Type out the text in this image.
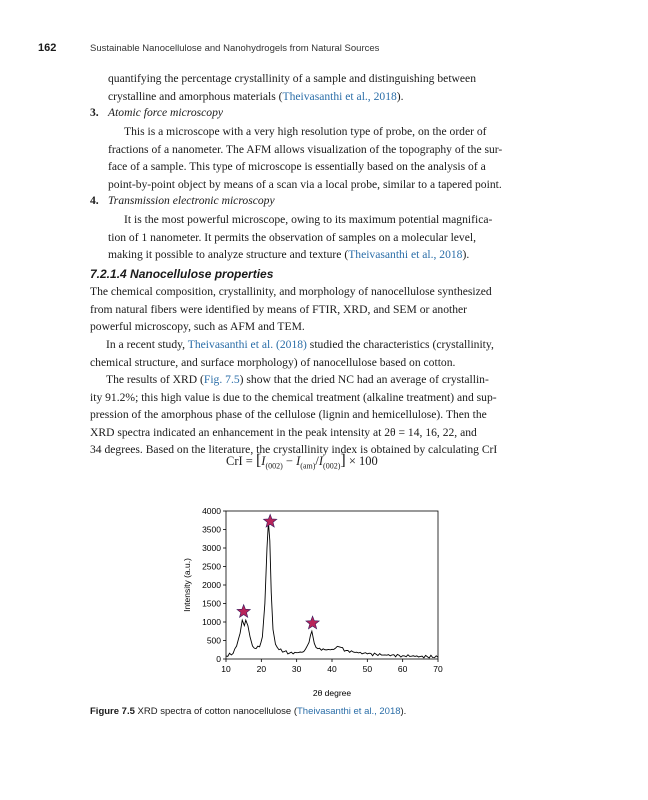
162	Sustainable Nanocellulose and Nanohydrogels from Natural Sources
quantifying the percentage crystallinity of a sample and distinguishing between
crystalline and amorphous materials (Theivasanthi et al., 2018).
3. Atomic force microscopy
This is a microscope with a very high resolution type of probe, on the order of
fractions of a nanometer. The AFM allows visualization of the topography of the sur-
face of a sample. This type of microscope is essentially based on the analysis of a
point-by-point object by means of a scan via a local probe, similar to a tapered point.
4. Transmission electronic microscopy
It is the most powerful microscope, owing to its maximum potential magnifica-
tion of 1 nanometer. It permits the observation of samples on a molecular level,
making it possible to analyze structure and texture (Theivasanthi et al., 2018).
7.2.1.4 Nanocellulose properties
The chemical composition, crystallinity, and morphology of nanocellulose synthesized
from natural fibers were identified by means of FTIR, XRD, and SEM or another
powerful microscopy, such as AFM and TEM.
In a recent study, Theivasanthi et al. (2018) studied the characteristics (crystallinity,
chemical structure, and surface morphology) of nanocellulose based on cotton.
The results of XRD (Fig. 7.5) show that the dried NC had an average of crystallin-
ity 91.2%; this high value is due to the chemical treatment (alkaline treatment) and sup-
pression of the amorphous phase of the cellulose (lignin and hemicellulose). Then the
XRD spectra indicated an enhancement in the peak intensity at 2θ = 14, 16, 22, and
34 degrees. Based on the literature, the crystallinity index is obtained by calculating CrI
CrI = $[I_{(002)} - I_{(am)}/I_{(002)}] \times 100$
10	20	30	40	50	60	70
0
500
1000
1500
2000
2500
3000
3500
4000
2θ degree
Intensity (a.u.)
Figure 7.5 XRD spectra of cotton nanocellulose (Theivasanthi et al., 2018).
